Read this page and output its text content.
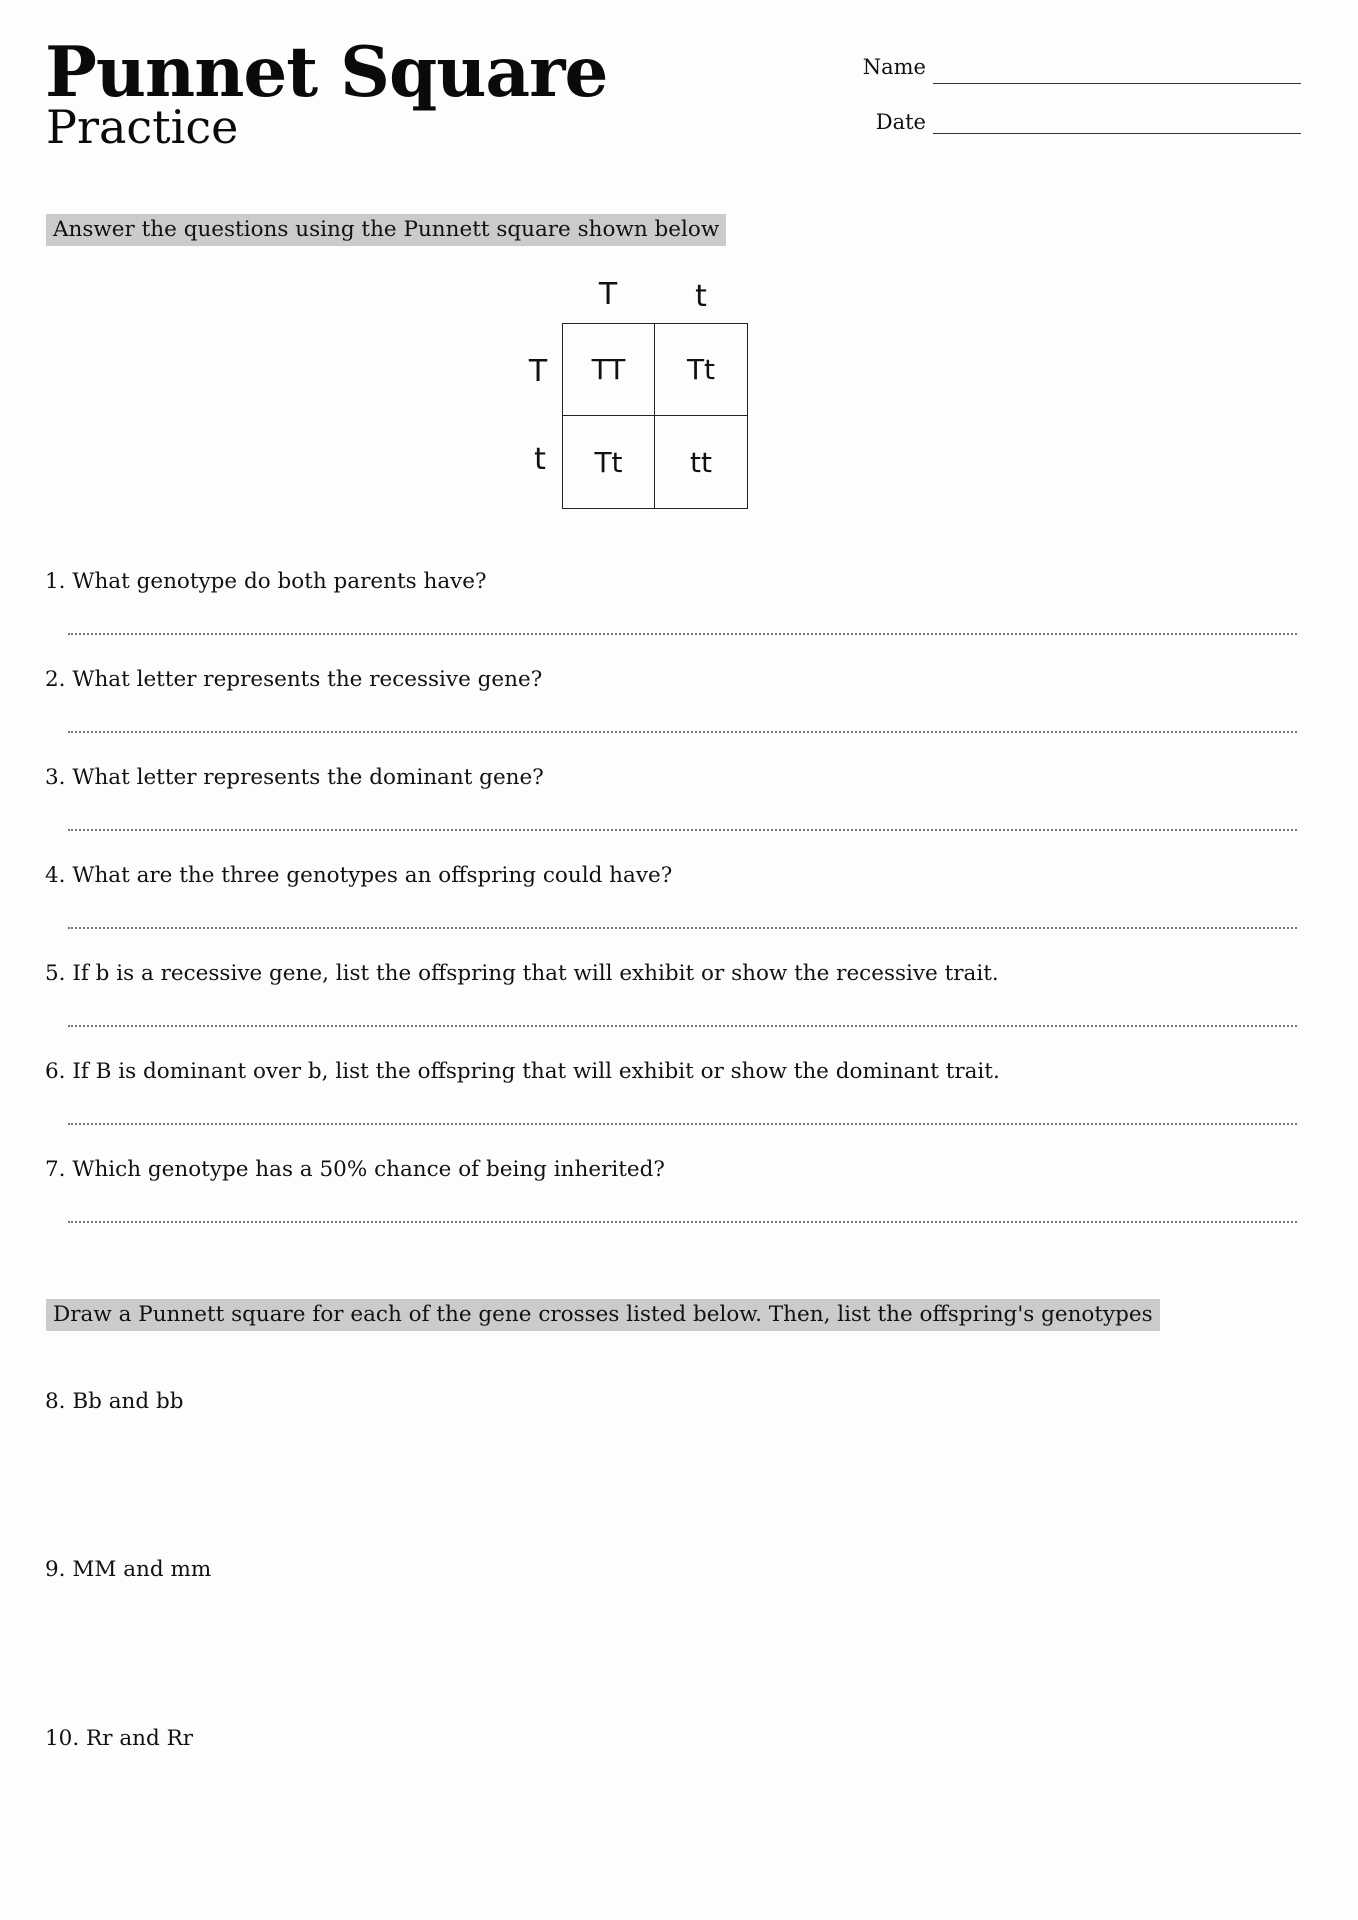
Punnet Square
Practice
Name
Date
Answer the questions using the Punnett square shown below
T	t
T
t
TT	Tt
Tt	tt
1. What genotype do both parents have?
2. What letter represents the recessive gene?
3. What letter represents the dominant gene?
4. What are the three genotypes an offspring could have?
5. If b is a recessive gene, list the offspring that will exhibit or show the recessive trait.
6. If B is dominant over b, list the offspring that will exhibit or show the dominant trait.
7. Which genotype has a 50% chance of being inherited?
Draw a Punnett square for each of the gene crosses listed below. Then, list the offspring's genotypes
8. Bb and bb
9. MM and mm
10. Rr and Rr
